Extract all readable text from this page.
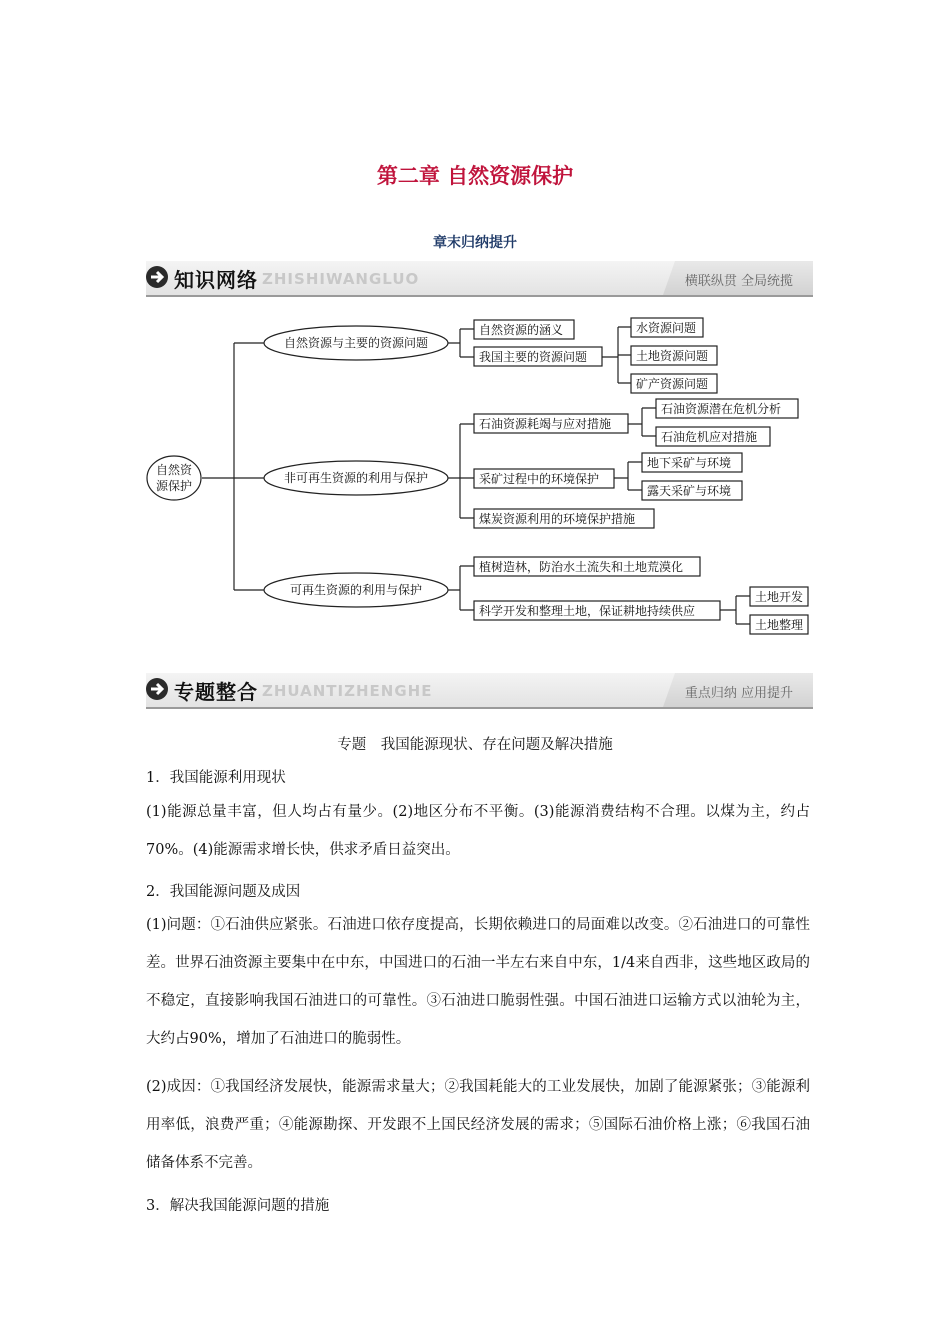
第二章 自然资源保护
章末归纳提升
知识网络 ZHISHIWANGLUO	横联纵贯 全局统揽
自然资
源保护
自然资源与主要的资源问题
非可再生资源的利用与保护
可再生资源的利用与保护
自然资源的涵义
我国主要的资源问题
水资源问题
土地资源问题
矿产资源问题
石油资源耗竭与应对措施
石油资源潜在危机分析
石油危机应对措施
采矿过程中的环境保护
地下采矿与环境
露天采矿与环境
煤炭资源利用的环境保护措施
植树造林，防治水土流失和土地荒漠化
科学开发和整理土地，保证耕地持续供应
土地开发
土地整理
专题整合 ZHUANTIZHENGHE	重点归纳 应用提升
专题　我国能源现状、存在问题及解决措施
1．我国能源利用现状
(1)能源总量丰富，但人均占有量少。(2)地区分布不平衡。(3)能源消费结构不合理。以煤为主，约占70%。(4)能源需求增长快，供求矛盾日益突出。
2．我国能源问题及成因
(1)问题：①石油供应紧张。石油进口依存度提高，长期依赖进口的局面难以改变。②石油进口的可靠性差。世界石油资源主要集中在中东，中国进口的石油一半左右来自中东，1/4来自西非，这些地区政局的不稳定，直接影响我国石油进口的可靠性。③石油进口脆弱性强。中国石油进口运输方式以油轮为主，大约占90%，增加了石油进口的脆弱性。
(2)成因：①我国经济发展快，能源需求量大；②我国耗能大的工业发展快，加剧了能源紧张；③能源利用率低，浪费严重；④能源勘探、开发跟不上国民经济发展的需求；⑤国际石油价格上涨；⑥我国石油储备体系不完善。
3．解决我国能源问题的措施
